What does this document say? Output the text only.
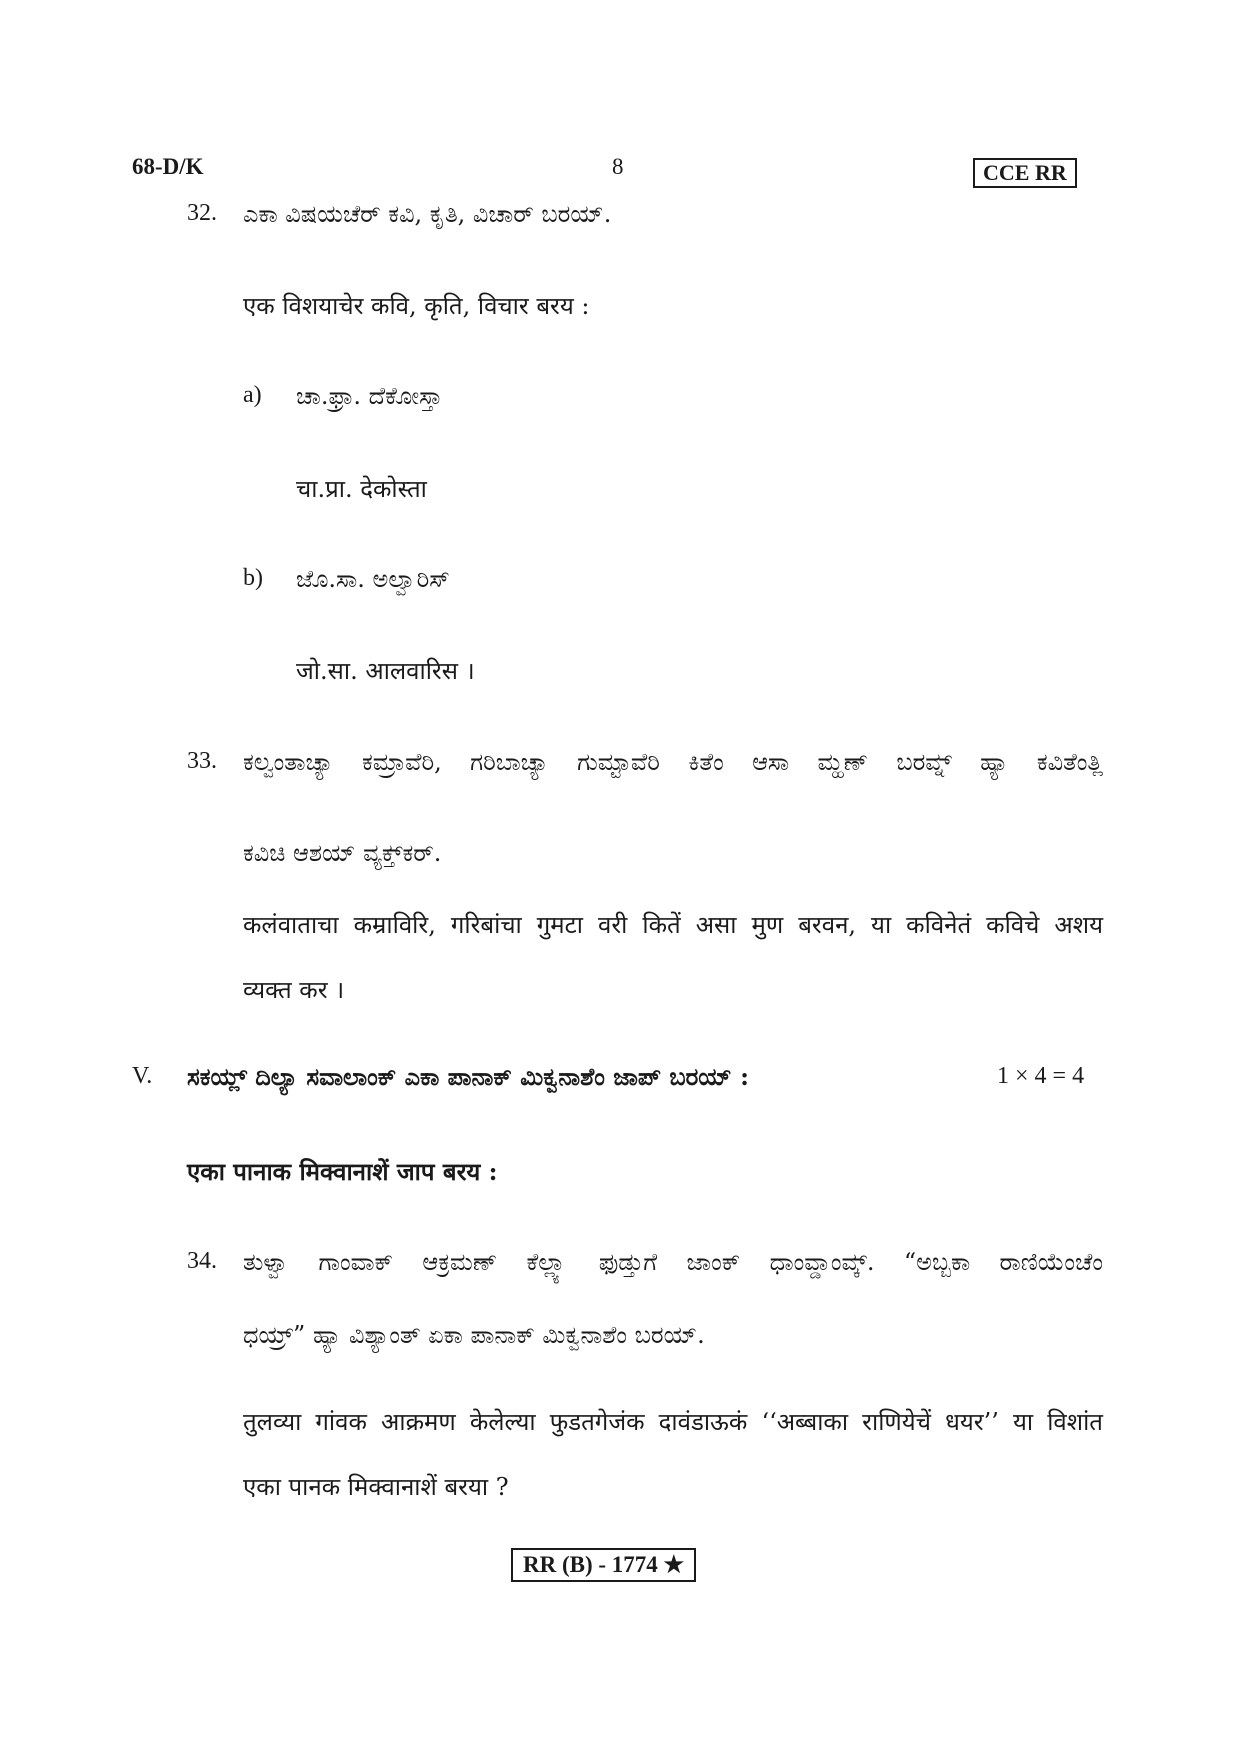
68-D/K	8	CCE RR
32. ಎಕಾ ವಿಷಯಚೆರ್ ಕವಿ, ಕೃತಿ, ವಿಚಾರ್ ಬರಯ್.
एक विशयाचेर कवि, कृति, विचार बरय :
a) ಚಾ.ಫ್ರಾ. ದೆಕೋಸ್ತಾ
चा.प्रा. देकोस्ता
b) ಜೊ.ಸಾ. ಅಲ್ವಾರಿಸ್
जो.सा. आलवारिस ।
33. ಕಲ್ವಂತಾಚ್ಯಾ ಕಮ್ರಾವೆರಿ, ಗರಿಬಾಚ್ಯಾ ಗುಮ್ಟಾವೆರಿ ಕಿತೆಂ ಆಸಾ ಮ್ಹಣ್ ಬರವ್ನ್ ಹ್ಯಾ ಕವಿತೆಂತ್ಲಿ
ಕವಿಚಿ ಆಶಯ್ ವ್ಯಕ್ತ್‌ಕರ್.
कलंवाताचा कम्राविरि, गरिबांचा गुमटा वरी कितें असा मुण बरवन, या कविनेतं कविचे अशय
व्यक्त कर ।
V. ಸಕಯ್ಲ್ ದಿಲ್ಯಾ ಸವಾಲಾಂಕ್ ಎಕಾ ಪಾನಾಕ್ ಮಿಕ್ವನಾಶೆಂ ಜಾಪ್ ಬರಯ್ :	1 × 4 = 4
एका पानाक मिक्वानाशें जाप बरय :
34. ತುಳ್ವಾ ಗಾಂವಾಕ್ ಆಕ್ರಮಣ್ ಕೆಲ್ಲ್ಯಾ ಫುಡ್ತುಗೆ ಜಾಂಕ್ ಧಾಂವ್ಡಾಂವ್ಕ್. “ಅಬ್ಬಕಾ ರಾಣಿಯೆಂಚೆಂ
ಧಯ್ರ್” ಹ್ಯಾ ವಿಶ್ಯಾಂತ್ ಏಕಾ ಪಾನಾಕ್ ಮಿಕ್ವನಾಶೆಂ ಬರಯ್.
तुलव्या गांवक आक्रमण केलेल्या फुडतगेजंक दावंडाऊकं ‘‘अब्बाका राणियेचें धयर’’ या विशांत
एका पानक मिक्वानाशें बरया ?
RR (B) - 1774 ★
